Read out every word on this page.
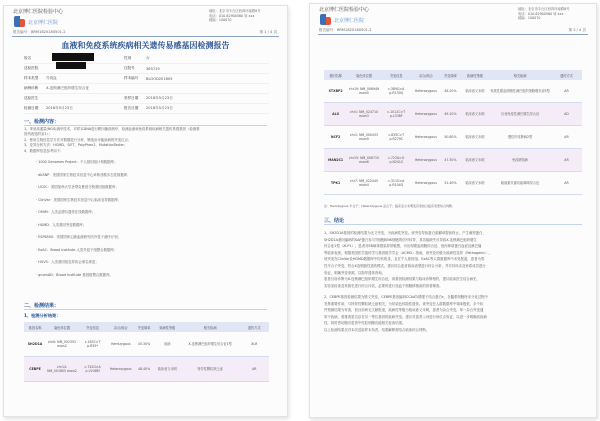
北京博仁医院检验中心
北京博仁医院
地址：北京市丰台区西四环南路8号
电话：010-62900560 转 xxx
邮编：100070
报告编号：BRM1820180501-2	第 1 / 4 页
血液和免疫系统疾病相关遗传易感基因检测报告
姓名	性别	女
送检医院	住院号	365719
样本类型	外周血	样本编号	BLOOD201605
病例诊断	X-连锁淋巴组织增生综合征
送检医生	采样日期	2018年5月23日
检测日期	2018年5月23日	报告日期	2018年5月23日
一、检测内容：
1、采用高通量(NGS)测序技术，对样本DNA进行靶向捕获测序，检测血液和免疫系统疾病相关遗传易感基因（检测基
因列表见附录1）；
2、使用生物信息学方法对数据进行分析，筛选出可能致病的突变位点；
3、变异分析方法：HGMD、SIFT、PolyPhen2、MutationTaster；
4、数据库信息参考如下：
· 1000 Genomes Project：千人基因组计划数据库；
· dbSNP：美国国家生物技术信息中心单核苷酸多态性数据库；
· UCSC：美国加州大学圣塔克鲁兹分校基因组数据库；
· ClinVar：美国国家生物技术信息中心临床变异数据库；
· OMIM：人类孟德尔遗传在线数据库；
· HGMD：人类基因突变数据库；
· ESP6500：美国国家心肺血液研究所外显子测序计划；
· ExAC：Broad Institute 人类外显子组整合数据库；
· HGVS：人类基因组变异协会命名规范；
· gnomAD：Broad Institute 基因组整合数据库。
二、检测结果：
1、检测分析结果：
基因名称	染色体位置	突变信息	杂合/纯合	突变频率	致病性等级	相关疾病	遗传方式
SH2D1A	chrX: NM_002351 exon2	c.163C>T p.R55*	Hemizygous	45.30%	致病	X-连锁淋巴组织增生综合征1型	XLR
CEBPE	chr14: NM_001805 exon2	c.742G>A p.V248M	Heterozygous	48.40%	临床意义未明	特异性颗粒缺乏症	AR
北京博仁医院检验中心
北京博仁医院
地址：北京市丰台区西四环南路8号
电话：010-62900560 转 xxx
邮编：100070
报告编号：BRM1820180501-2	第 2 / 4 页
基因名称	染色体位置	突变信息	杂合/纯合	突变频率	致病性等级	相关疾病	遗传方式
STXBP2	chr19: NM_006949 exon5	c.389G>A p.R130Q	Heterozygous	46.20%	临床意义未明	家族性噬血细胞性淋巴组织细胞增多症5型	AR
ALX	chr1: NM_024710 exon3	c.1012C>T p.L338F	Heterozygous	49.10%	临床意义未明	自身免疫性淋巴增生综合征	AD
NCF2	chr1: NM_000433 exon9	c.835C>T p.R279C	Heterozygous	50.80%	临床意义未明	慢性肉芽肿病2型	AR
MAN2C1	chr15: NM_006715 exon6	c.722A>G p.N241S	Heterozygous	47.30%	临床意义未明	免疫缺陷病	AR
TPK1	chr7: NM_022445 exon4	c.311G>A p.R104Q	Heterozygous	51.40%	临床意义未明	硫胺素代谢功能障碍综合征	AR
注：Hemizygous 半合子；Heterozygous 杂合子；临床意义未明变异需结合临床表型综合判断。
三、结论
1、SH2D1A基因的检测结果为无义突变，为致病性突变。该突变导致蛋白质翻译提前终止，产生截短蛋白，
SH2D1A基因编码的SAP蛋白参与T细胞和NK细胞的信号转导，其功能缺失可导致X-连锁淋巴组织增生
综合征1型（XLP1），患者对EB病毒感染异常敏感，可出现噬血细胞综合征、低丙种球蛋白血症及淋巴瘤
等临床表现。根据美国医学遗传学与基因组学学会（ACMG）指南，该突变评级为致病性变异（Pathogenic），
该突变在ClinVar及HGMD数据库中均有收录，且在千人基因组、ExAC等人群数据库中未见报道，患者为男
性半合子突变，符合X连锁隐性遗传模式。建议结合患者临床表型进行综合分析，并对其母亲及家系成员进行
验证，明确突变来源，以指导遗传咨询。
患者目前诊断为X-连锁淋巴组织增生综合征，该基因检测结果与临床诊断相符，建议临床医生结合病史、
实验室检查及家族史进行综合评估，必要时进行造血干细胞移植前的供者筛查。
2、CEBPE基因检测结果为错义突变，CEBPE基因编码CCAAT/增强子结合蛋白ε，在髓系细胞终末分化过程中
发挥重要作用，与特异性颗粒缺乏症相关，为常染色体隐性遗传。该突变在人群数据库中频率极低，多个软
件预测结果为有害，但目前尚无文献报道，致病性等级为临床意义未明，患者为杂合突变，单一杂合突变通
常不致病，需排查是否存在另一等位基因的致病突变。建议对患者父母进行该位点验证，以进一步明确其致病
性，同时密切随访患者中性粒细胞功能相关检查结果。
以上检测结果仅对本次送检样本负责，结果解释需结合临床综合判断。
